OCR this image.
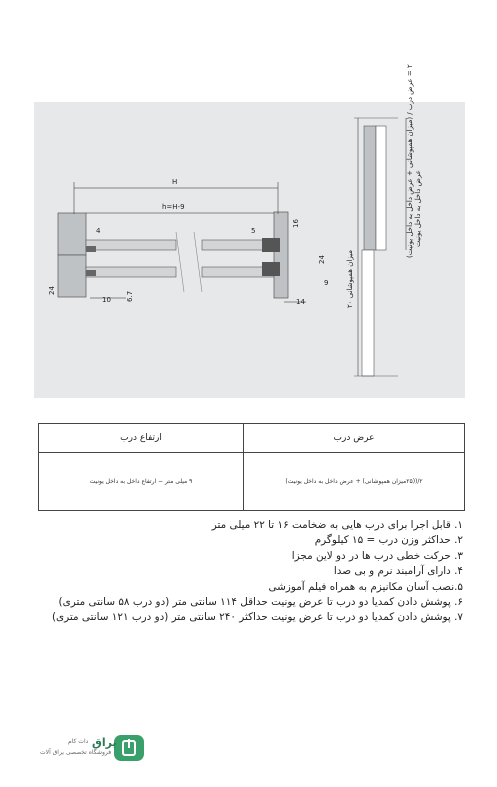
H
h=H-9
4	5
16
24
9
14
24
10 6.7
عرض داخل به داخل یونیت
(میزان همپوشانی + عرض داخل به داخل یونیت) / ۲ = عرض درب
میزان همپوشانی ۲۰
عرض درب
ارتفاع درب
۲/((۲۵میزان همپوشانی) + عرض داخل به داخل یونیت)
۹ میلی متر − ارتفاع داخل به داخل یونیت
۱. قابل اجرا برای درب هایی به ضخامت ۱۶ تا ۲۲ میلی متر
۲. حداکثر وزن درب = ۱۵ کیلوگرم
۳. حرکت خطی درب ها در دو لاین مجزا
۴. دارای آرامبند نرم و بی صدا
۵.نصب آسان مکانیزم به همراه فیلم آموزشی
۶. پوشش دادن کمدیا دو درب تا عرض یونیت حداقل ۱۱۴ سانتی متر (دو درب ۵۸ سانتی متری)
۷. پوشش دادن کمدیا دو درب تا عرض یونیت حداکثر ۲۴۰ سانتی متر (دو درب ۱۲۱ سانتی متری)
یراق
دات کام
فروشگاه تخصصی یراق آلات
